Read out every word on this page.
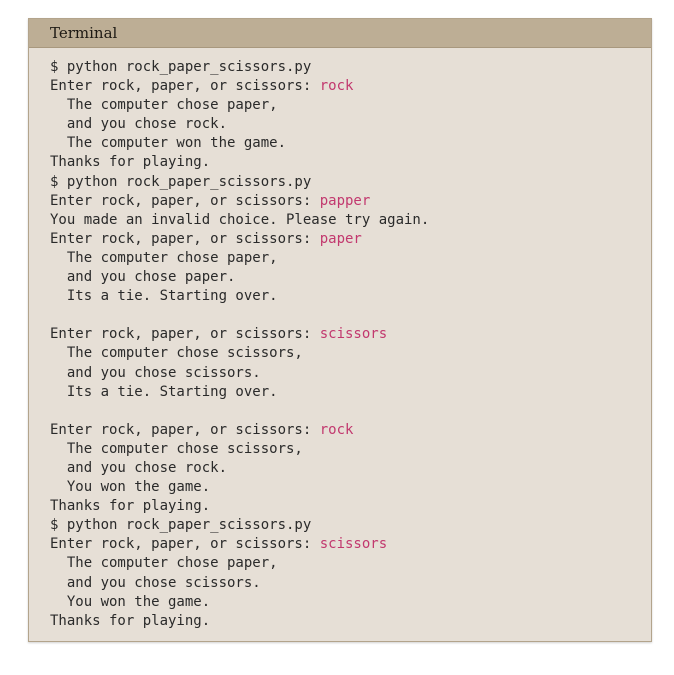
Terminal
$ python rock_paper_scissors.py
Enter rock, paper, or scissors: rock
The computer chose paper,
and you chose rock.
The computer won the game.
Thanks for playing.
$ python rock_paper_scissors.py
Enter rock, paper, or scissors: papper
You made an invalid choice. Please try again.
Enter rock, paper, or scissors: paper
The computer chose paper,
and you chose paper.
Its a tie. Starting over.
Enter rock, paper, or scissors: scissors
The computer chose scissors,
and you chose scissors.
Its a tie. Starting over.
Enter rock, paper, or scissors: rock
The computer chose scissors,
and you chose rock.
You won the game.
Thanks for playing.
$ python rock_paper_scissors.py
Enter rock, paper, or scissors: scissors
The computer chose paper,
and you chose scissors.
You won the game.
Thanks for playing.
